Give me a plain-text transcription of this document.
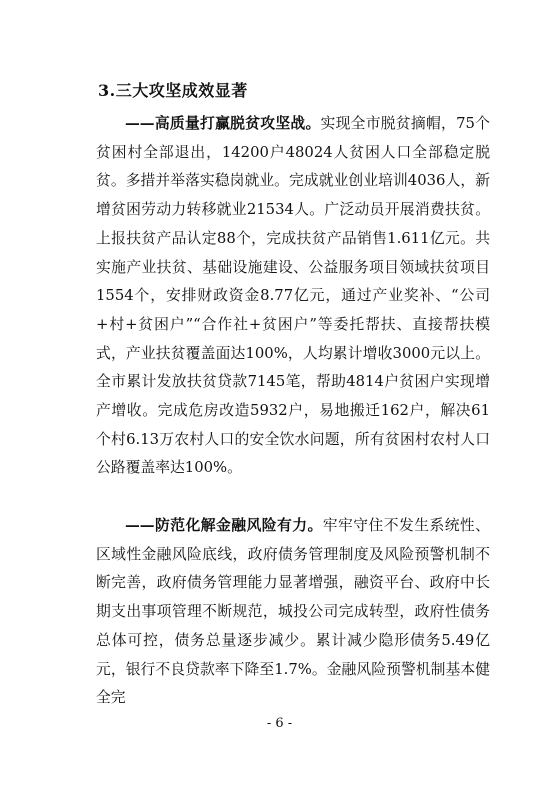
3.三大攻坚成效显著

——高质量打赢脱贫攻坚战。实现全市脱贫摘帽，75个贫困村全部退出，14200户48024人贫困人口全部稳定脱贫。多措并举落实稳岗就业。完成就业创业培训4036人，新增贫困劳动力转移就业21534人。广泛动员开展消费扶贫。上报扶贫产品认定88个，完成扶贫产品销售1.611亿元。共实施产业扶贫、基础设施建设、公益服务项目领域扶贫项目1554个，安排财政资金8.77亿元，通过产业奖补、“公司+村+贫困户”“合作社+贫困户”等委托帮扶、直接帮扶模式，产业扶贫覆盖面达100%，人均累计增收3000元以上。全市累计发放扶贫贷款7145笔，帮助4814户贫困户实现增产增收。完成危房改造5932户，易地搬迁162户，解决61个村6.13万农村人口的安全饮水问题，所有贫困村农村人口公路覆盖率达100%。

——防范化解金融风险有力。牢牢守住不发生系统性、区域性金融风险底线，政府债务管理制度及风险预警机制不断完善，政府债务管理能力显著增强，融资平台、政府中长期支出事项管理不断规范，城投公司完成转型，政府性债务总体可控，债务总量逐步减少。累计减少隐形债务5.49亿元，银行不良贷款率下降至1.7%。金融风险预警机制基本健全完

- 6 -
